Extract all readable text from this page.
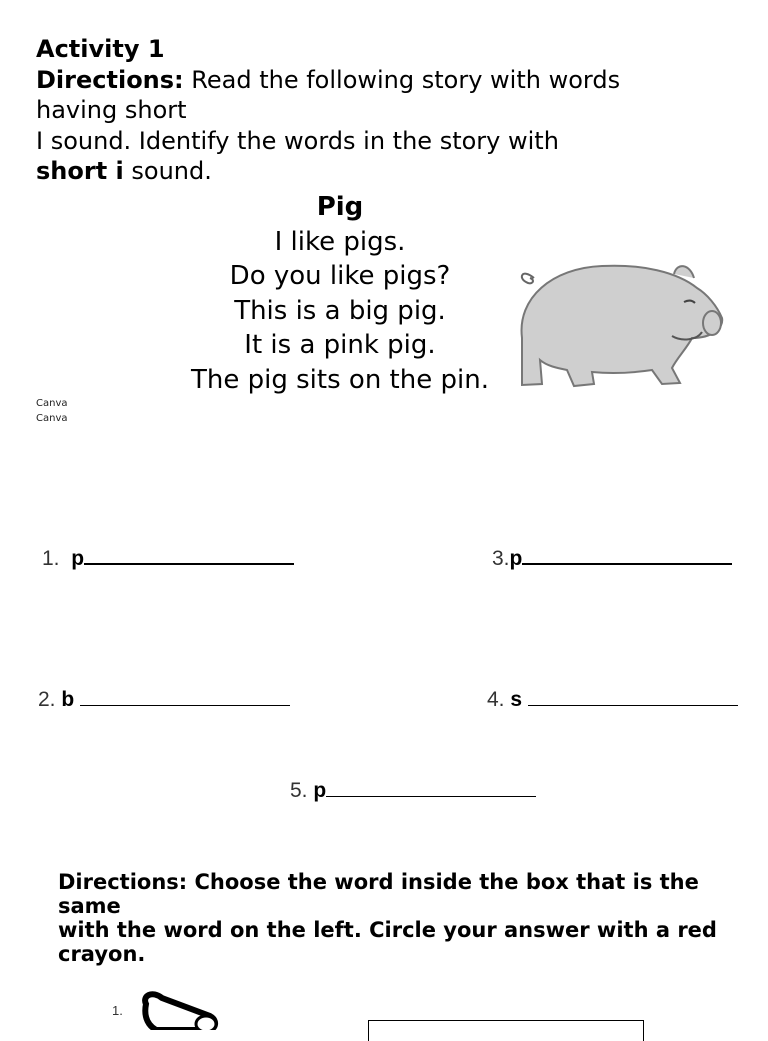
Activity 1
Directions: Read the following story with words having short
I sound. Identify the words in the story with short i sound.
Pig
I like pigs.
Do you like pigs?
This is a big pig.
It is a pink pig.
The pig sits on the pin.
Canva
Canva
1. p	3.p
2. b	4. s
5. p
Directions: Choose the word inside the box that is the same
with the word on the left. Circle your answer with a red
crayon.
1.
